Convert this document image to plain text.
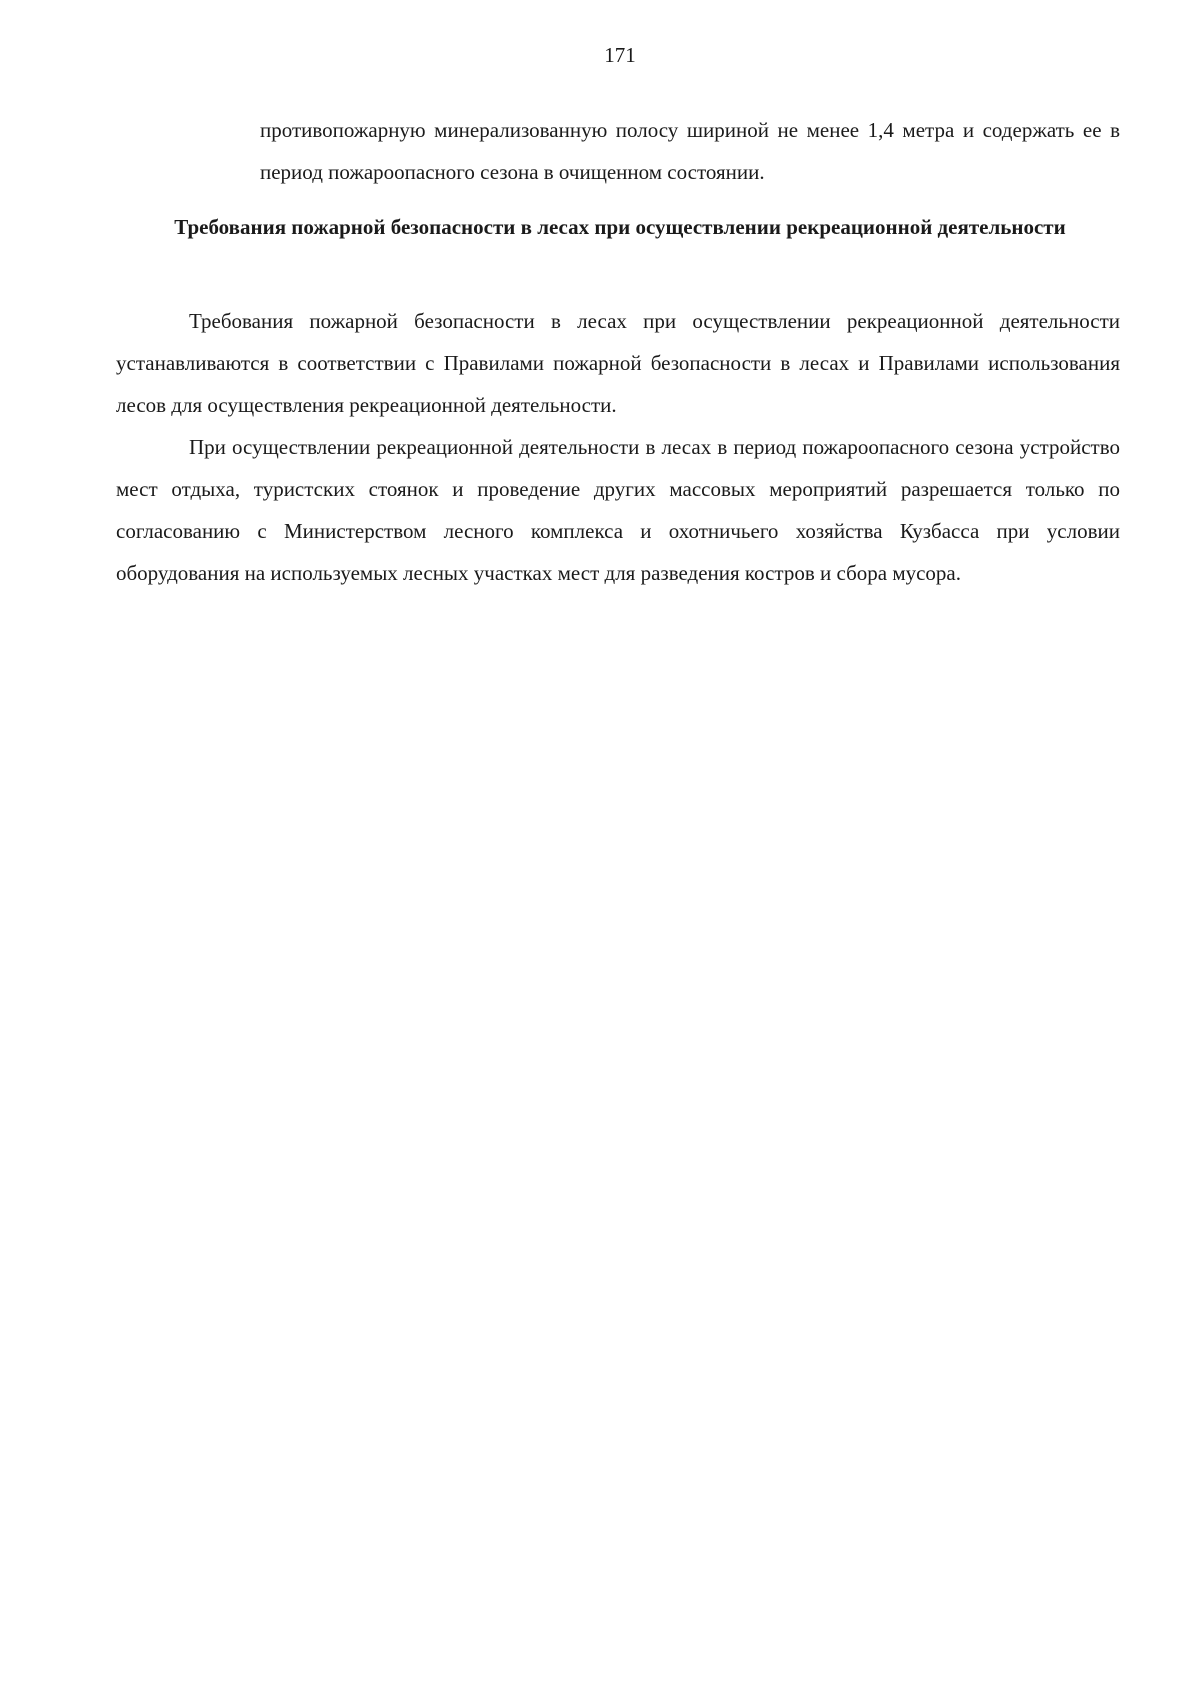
171

противопожарную минерализованную полосу шириной не менее 1,4 метра и содержать ее в период пожароопасного сезона в очищенном состоянии.

Требования пожарной безопасности в лесах при осуществлении рекреационной деятельности

Требования пожарной безопасности в лесах при осуществлении рекреационной деятельности устанавливаются в соответствии с Правилами пожарной безопасности в лесах и Правилами использования лесов для осуществления рекреационной деятельности.

При осуществлении рекреационной деятельности в лесах в период пожароопасного сезона устройство мест отдыха, туристских стоянок и проведение других массовых мероприятий разрешается только по согласованию с Министерством лесного комплекса и охотничьего хозяйства Кузбасса при условии оборудования на используемых лесных участках мест для разведения костров и сбора мусора.
